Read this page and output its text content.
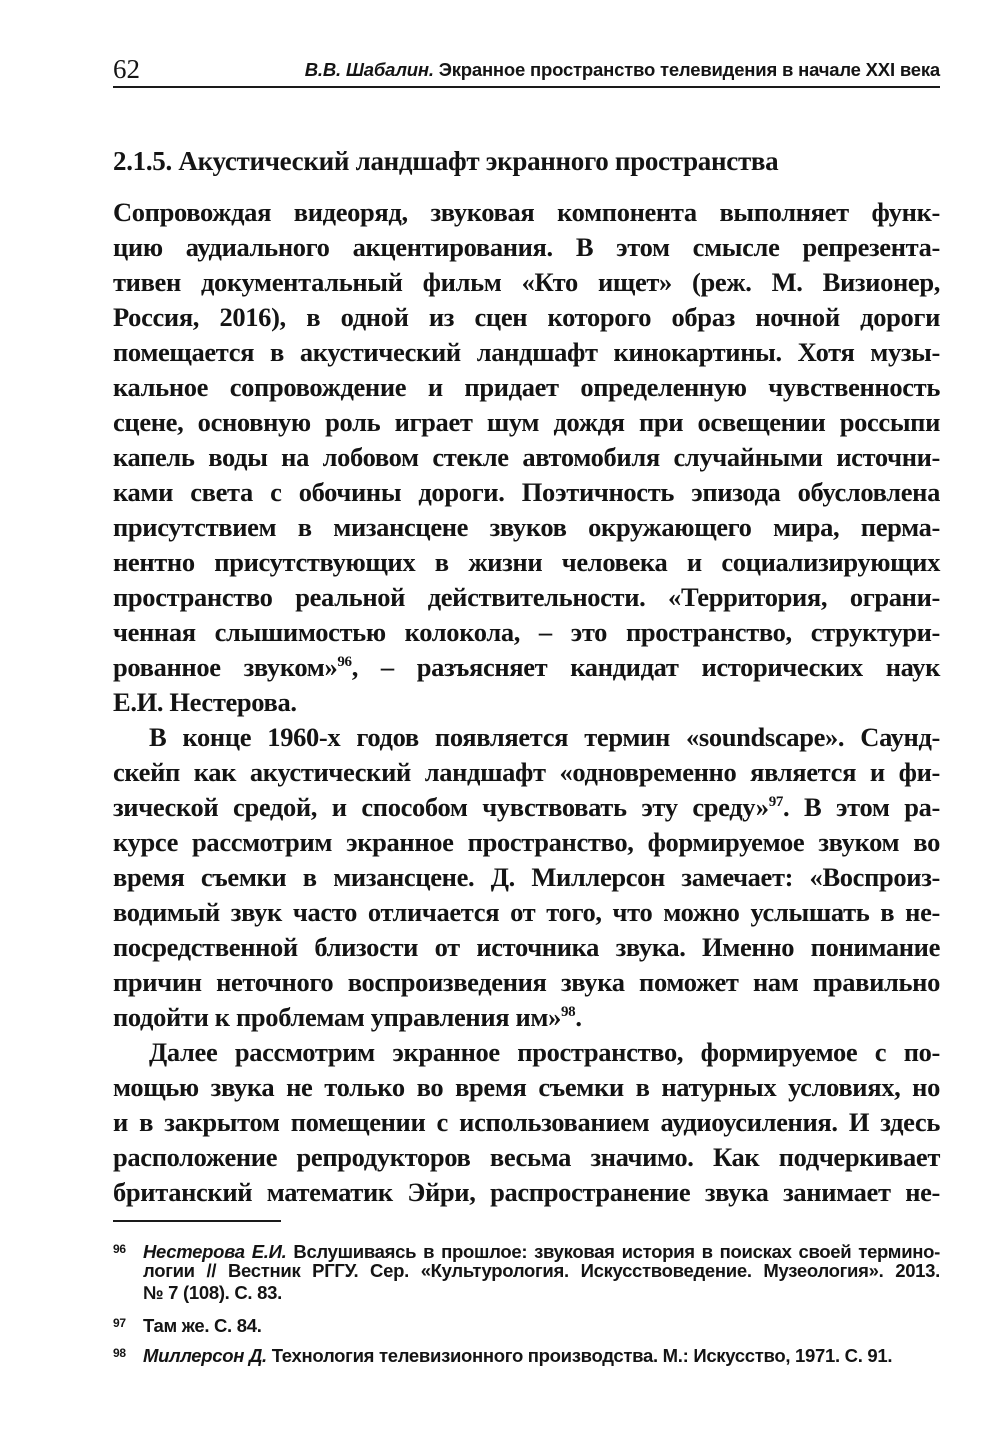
62	В.В. Шабалин. Экранное пространство телевидения в начале XXI века
2.1.5. Акустический ландшафт экранного пространства
Сопровождая видеоряд, звуковая компонента выполняет функ-
цию аудиального акцентирования. В этом смысле репрезента-
тивен документальный фильм «Кто ищет» (реж. М. Визионер,
Россия, 2016), в одной из сцен которого образ ночной дороги
помещается в акустический ландшафт кинокартины. Хотя музы-
кальное сопровождение и придает определенную чувственность
сцене, основную роль играет шум дождя при освещении россыпи
капель воды на лобовом стекле автомобиля случайными источни-
ками света с обочины дороги. Поэтичность эпизода обусловлена
присутствием в мизансцене звуков окружающего мира, перма-
нентно присутствующих в жизни человека и социализирующих
пространство реальной действительности. «Территория, ограни-
ченная слышимостью колокола, – это пространство, структури-
рованное звуком»$^{96}$, – разъясняет кандидат исторических наук
Е.И. Нестерова.
В конце 1960-х годов появляется термин «soundscape». Саунд-
скейп как акустический ландшафт «одновременно является и фи-
зической средой, и способом чувствовать эту среду»$^{97}$. В этом ра-
курсе рассмотрим экранное пространство, формируемое звуком во
время съемки в мизансцене. Д. Миллерсон замечает: «Воспроиз-
водимый звук часто отличается от того, что можно услышать в не-
посредственной близости от источника звука. Именно понимание
причин неточного воспроизведения звука поможет нам правильно
подойти к проблемам управления им»$^{98}$.
Далее рассмотрим экранное пространство, формируемое с по-
мощью звука не только во время съемки в натурных условиях, но
и в закрытом помещении с использованием аудиоусиления. И здесь
расположение репродукторов весьма значимо. Как подчеркивает
британский математик Эйри, распространение звука занимает не-
96 Нестерова Е.И. Вслушиваясь в прошлое: звуковая история в поисках своей термино-
логии // Вестник РГГУ. Сер. «Культурология. Искусствоведение. Музеология». 2013.
№ 7 (108). С. 83.
97 Там же. С. 84.
98 Миллерсон Д. Технология телевизионного производства. М.: Искусство, 1971. С. 91.
